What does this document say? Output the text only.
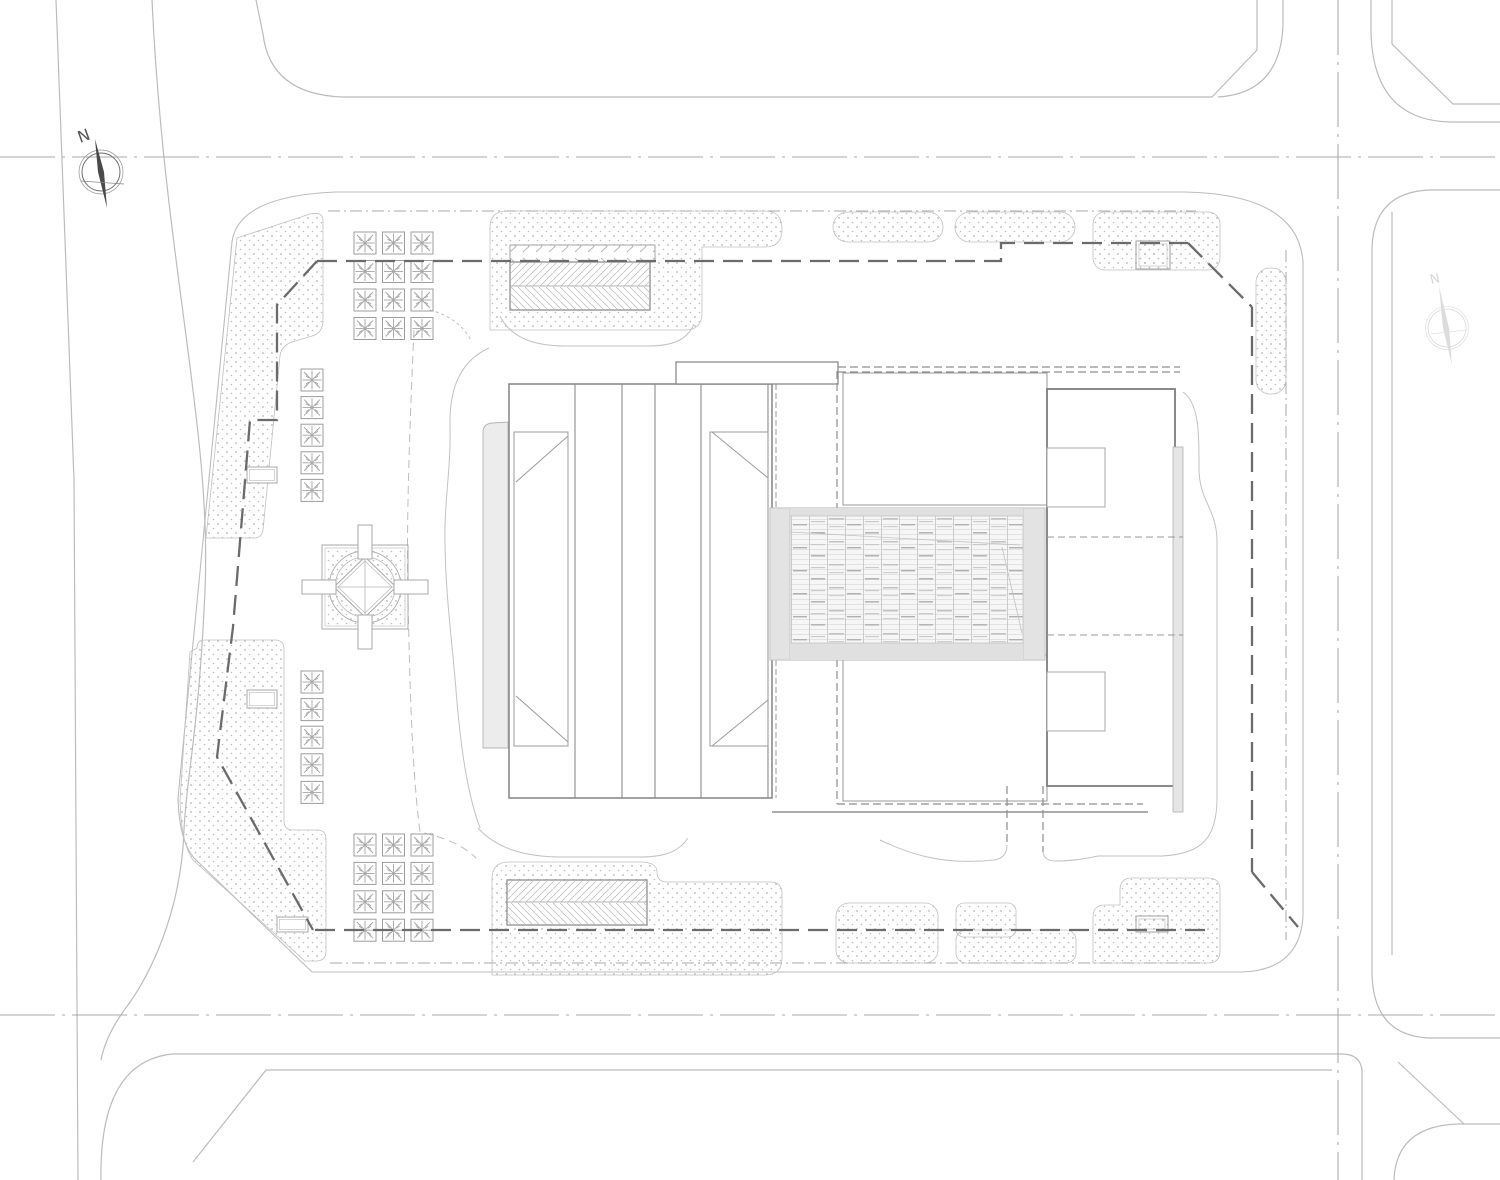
N
N
